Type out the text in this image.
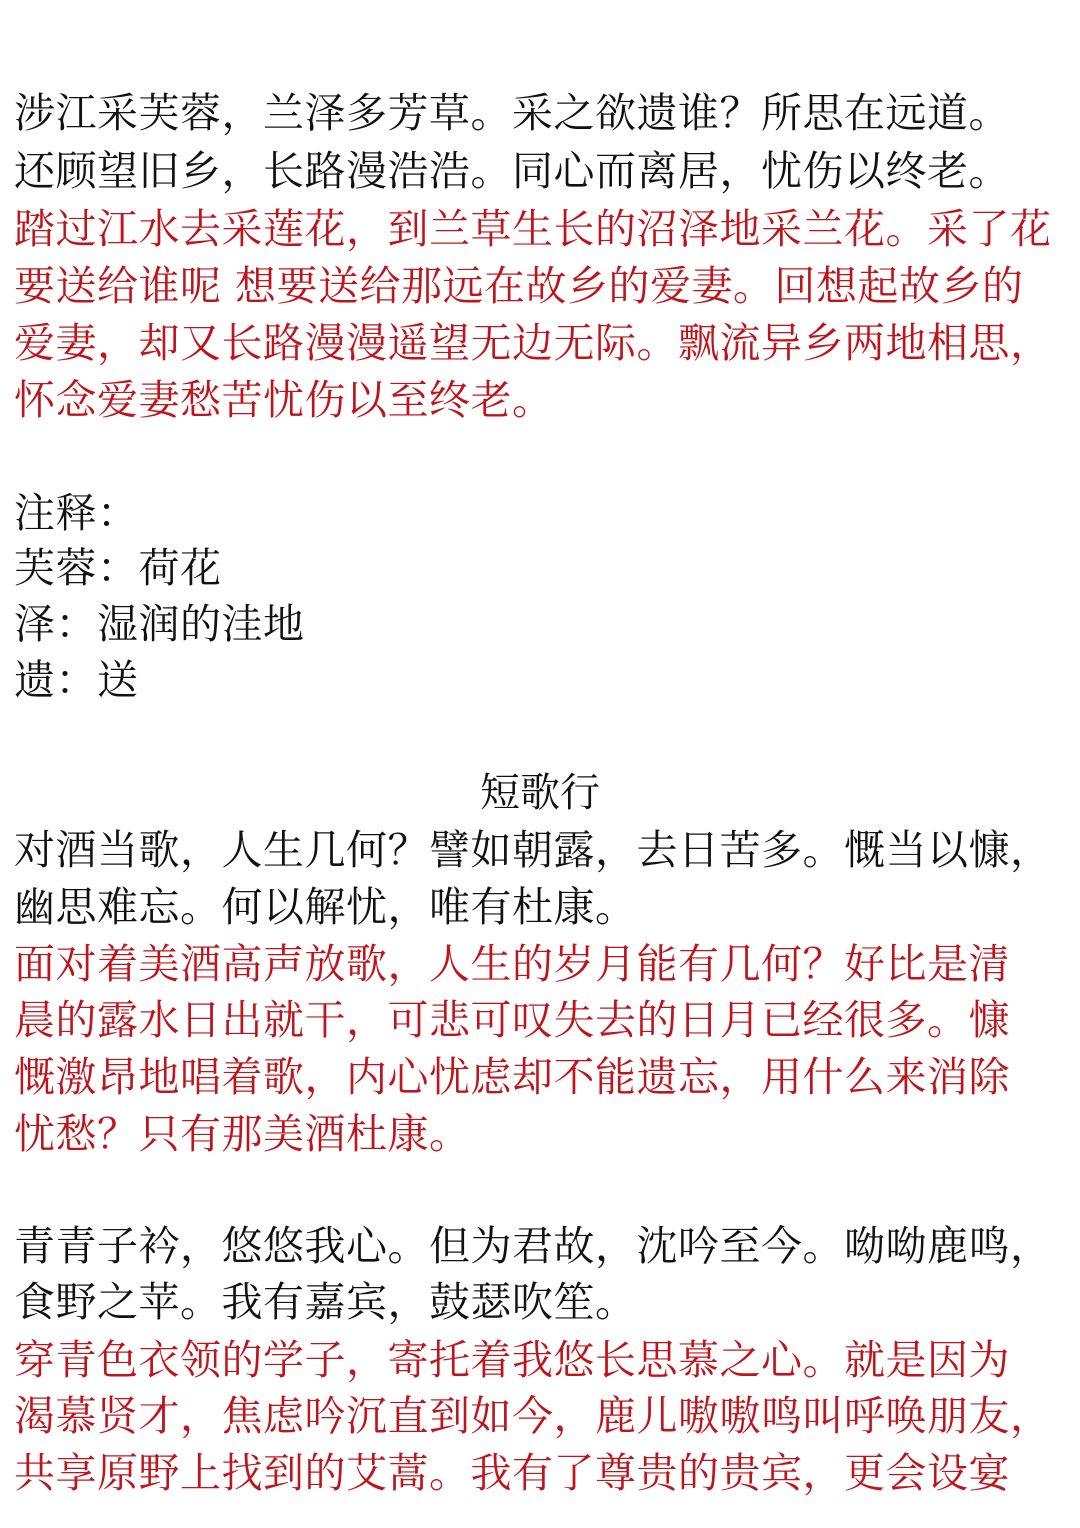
涉江采芙蓉，兰泽多芳草。采之欲遗谁？所思在远道。
还顾望旧乡，长路漫浩浩。同心而离居，忧伤以终老。
踏过江水去采莲花，到兰草生长的沼泽地采兰花。采了花
要送给谁呢 想要送给那远在故乡的爱妻。回想起故乡的
爱妻，却又长路漫漫遥望无边无际。飘流异乡两地相思，
怀念爱妻愁苦忧伤以至终老。
注释：
芙蓉：荷花
泽：湿润的洼地
遗：送
短歌行
对酒当歌，人生几何？譬如朝露，去日苦多。慨当以慷，
幽思难忘。何以解忧，唯有杜康。
面对着美酒高声放歌，人生的岁月能有几何？好比是清
晨的露水日出就干，可悲可叹失去的日月已经很多。慷
慨激昂地唱着歌，内心忧虑却不能遗忘，用什么来消除
忧愁？只有那美酒杜康。
青青子衿，悠悠我心。但为君故，沈吟至今。呦呦鹿鸣，
食野之苹。我有嘉宾，鼓瑟吹笙。
穿青色衣领的学子，寄托着我悠长思慕之心。就是因为
渴慕贤才，焦虑吟沉直到如今，鹿儿嗷嗷鸣叫呼唤朋友，
共享原野上找到的艾蒿。我有了尊贵的贵宾，更会设宴
